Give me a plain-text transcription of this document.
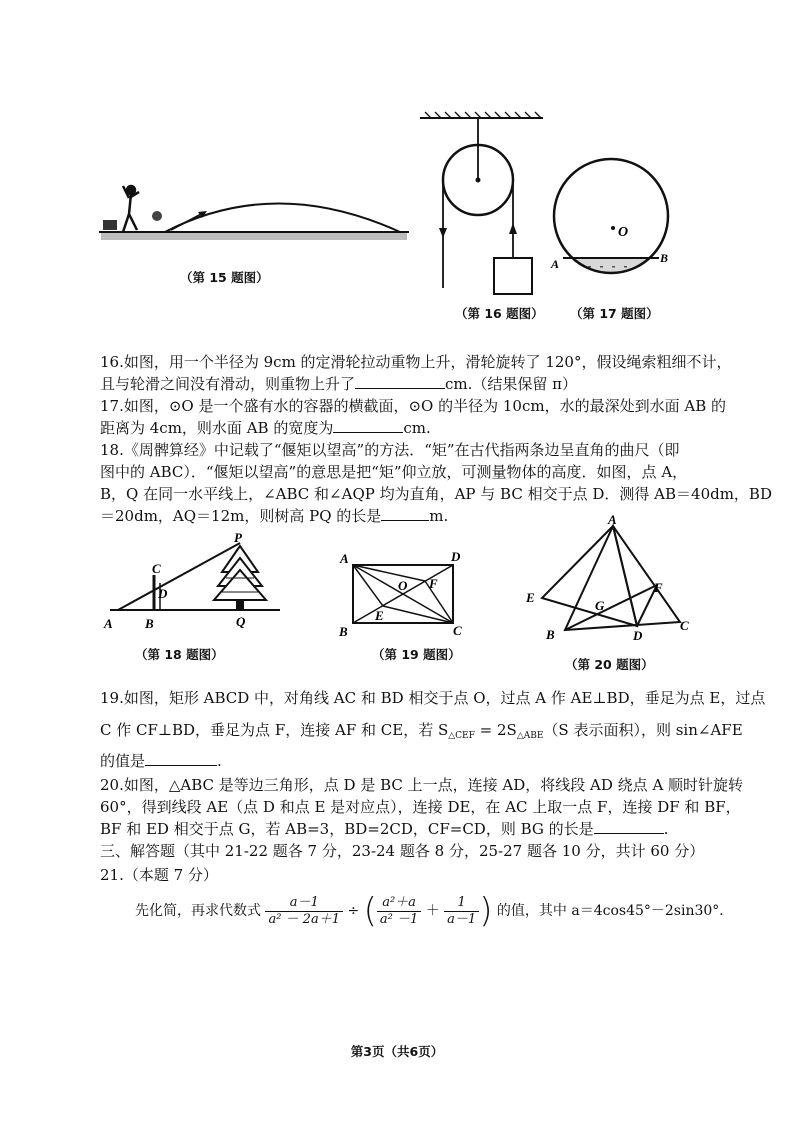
（第 15 题图）
（第 16 题图）
O
A	B
（第 17 题图）
16.如图，用一个半径为 9cm 的定滑轮拉动重物上升，滑轮旋转了 120°，假设绳索粗细不计，
且与轮滑之间没有滑动，则重物上升了	cm.（结果保留 π）
17.如图，⊙O 是一个盛有水的容器的横截面，⊙O 的半径为 10cm，水的最深处到水面 AB 的
距离为 4cm，则水面 AB 的宽度为	cm.
18.《周髀算经》中记载了“偃矩以望高”的方法．“矩”在古代指两条边呈直角的曲尺（即
图中的 ABC）．“偃矩以望高”的意思是把“矩”仰立放，可测量物体的高度．如图，点 A，
B，Q 在同一水平线上，∠ABC 和∠AQP 均为直角，AP 与 BC 相交于点 D．测得 AB＝40dm，BD
＝20dm，AQ＝12m，则树高 PQ 的长是	m.
P
C
D
A B	Q
（第 18 题图）
A	D
O F
E
B	C
（第 19 题图）
A
E
F
G
B	D
C
（第 20 题图）
19.如图，矩形 ABCD 中，对角线 AC 和 BD 相交于点 O，过点 A 作 AE⊥BD，垂足为点 E，过点
C 作 CF⊥BD，垂足为点 F，连接 AF 和 CE，若 $S_{\triangle CEF} = 2S_{\triangle ABE}(S$ 表示面积），则 sin∠AFE
的值是	.
20.如图，△ABC 是等边三角形，点 D 是 BC 上一点，连接 AD，将线段 AD 绕点 A 顺时针旋转
60°，得到线段 AE（点 D 和点 E 是对应点），连接 DE，在 AC 上取一点 F，连接 DF 和 BF，
BF 和 ED 相交于点 G，若 AB=3，BD=2CD，CF=CD，则 BG 的长是	.
三、解答题（其中 21-22 题各 7 分，23-24 题各 8 分，25-27 题各 10 分，共计 60 分）
21.（本题 7 分）
先化简，再求代数式 $\frac{a-1}{\text{a² － 2a＋1}}$ ÷ ( $\frac{\text{a²＋a}}{\text{a² －1}} + \frac{1}{a-1}$ ) 的值，其中 a＝4cos45°－2sin30°．
第3页（共6页）
